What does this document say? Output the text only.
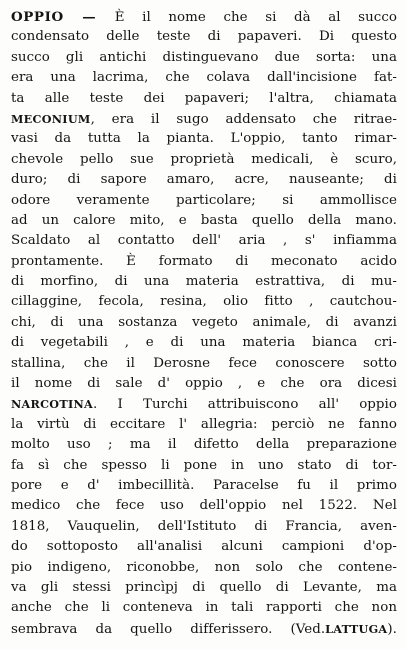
OPPIO — È il nome che si dà al succo
condensato delle teste di papaveri. Di questo
succo gli antichi distinguevano due sorta: una
era una lacrima, che colava dall'incisione fat-
ta alle teste dei papaveri; l'altra, chiamata
MECONIUM, era il sugo addensato che ritrae-
vasi da tutta la pianta. L'oppio, tanto rimar-
chevole pello sue proprietà medicali, è scuro,
duro; di sapore amaro, acre, nauseante; di
odore veramente particolare; si ammollisce
ad un calore mito, e basta quello della mano.
Scaldato al contatto dell' aria , s' infiamma
prontamente. È formato di meconato acido
di morfino, di una materia estrattiva, di mu-
cillaggine, fecola, resina, olio fitto , cautchou-
chi, di una sostanza vegeto animale, di avanzi
di vegetabili , e di una materia bianca cri-
stallina, che il Derosne fece conoscere sotto
il nome di sale d' oppio , e che ora dicesi
NARCOTINA. I Turchi attribuiscono all' oppio
la virtù di eccitare l' allegria: perciò ne fanno
molto uso ; ma il difetto della preparazione
fa sì che spesso li pone in uno stato di tor-
pore e d' imbecillità. Paracelse fu il primo
medico che fece uso dell'oppio nel 1522. Nel
1818, Vauquelin, dell'Istituto di Francia, aven-
do sottoposto all'analisi alcuni campioni d'op-
pio indigeno, riconobbe, non solo che contene-
va gli stessi princìpj di quello di Levante, ma
anche che li conteneva in tali rapporti che non
sembrava da quello differissero. (Ved.LATTUGA).
